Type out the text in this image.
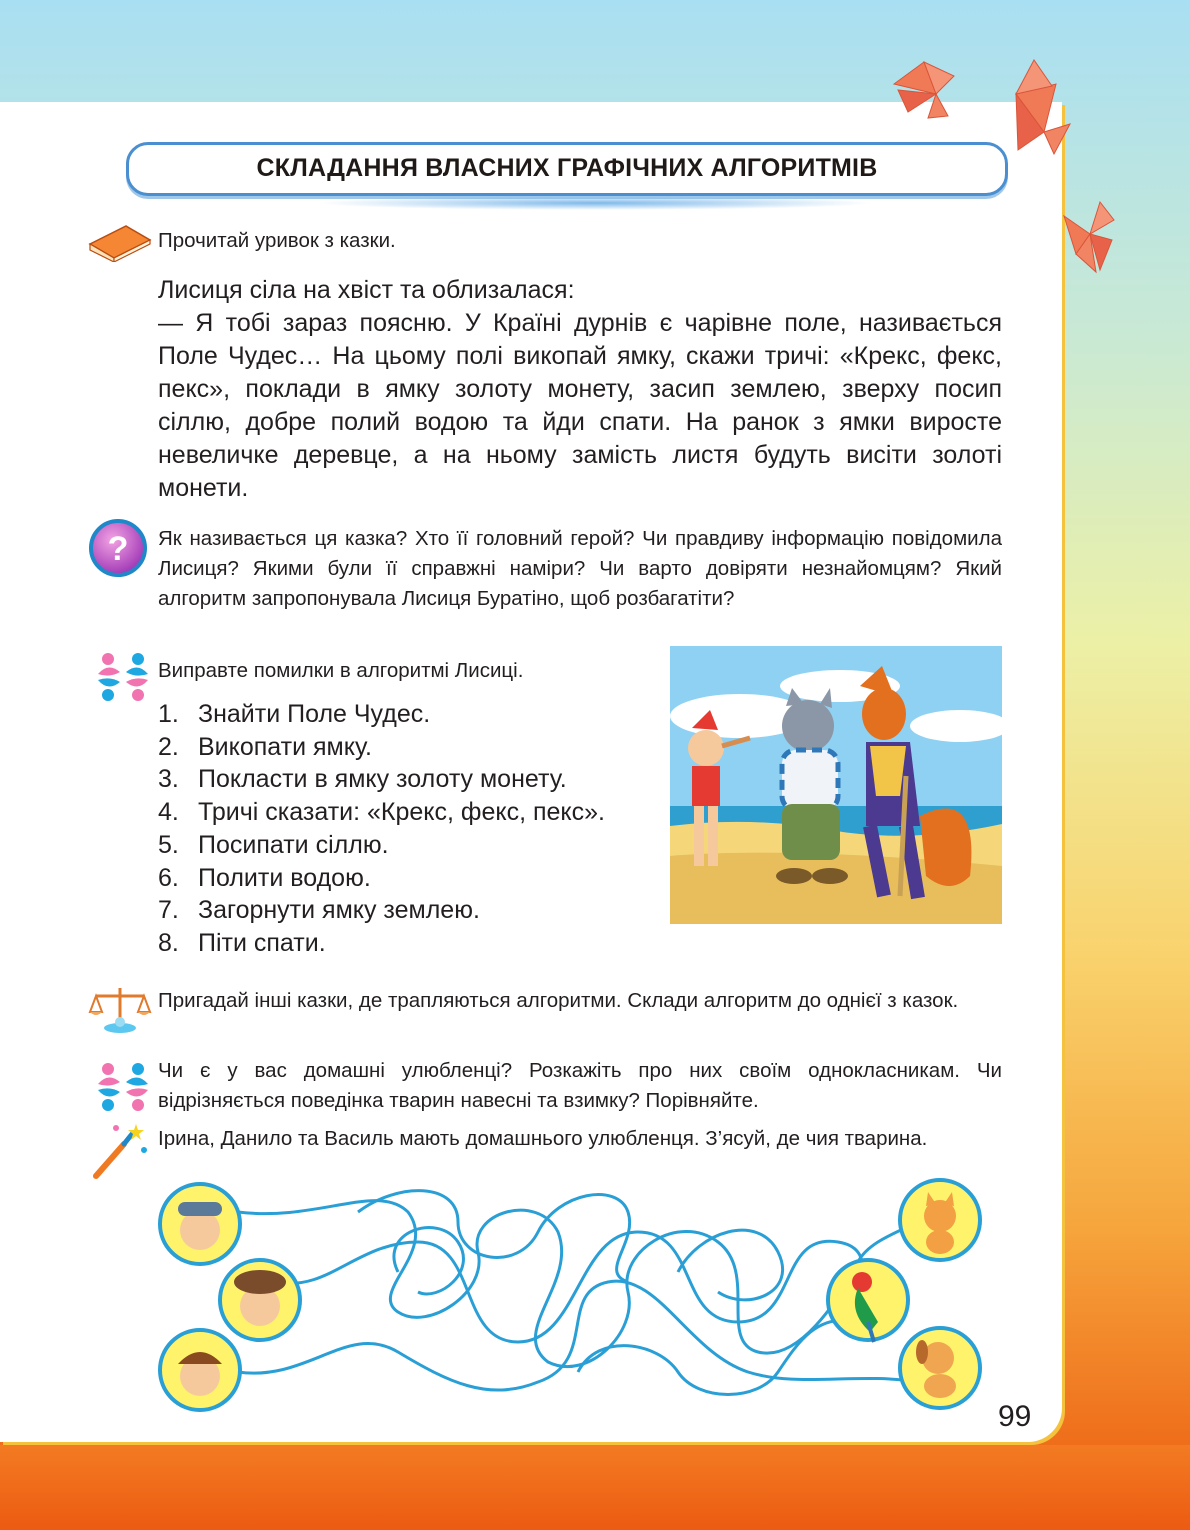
СКЛАДАННЯ ВЛАСНИХ ГРАФІЧНИХ АЛГОРИТМІВ
Прочитай уривок з казки.

Лисиця сіла на хвіст та облизалася:

— Я тобі зараз поясню. У Країні дурнів є чарівне поле, називається Поле Чудес… На цьому полі викопай ямку, скажи тричі: «Крекс, фекс, пекс», поклади в ямку золоту монету, засип землею, зверху посип сіллю, добре полий водою та йди спати. На ранок з ямки виросте невеличке деревце, а на ньому замість листя будуть висіти золоті монети.

? Як називається ця казка? Хто її головний герой? Чи правдиву інформацію повідомила Лисиця? Якими були її справжні наміри? Чи варто довіряти незнайомцям? Який алгоритм запропонувала Лисиця Буратіно, щоб розбагатіти?
Виправте помилки в алгоритмі Лисиці.
1. Знайти Поле Чудес.
2. Викопати ямку.
3. Покласти в ямку золоту монету.
4. Тричі сказати: «Крекс, фекс, пекс».
5. Посипати сіллю.
6. Полити водою.
7. Загорнути ямку землею.
8. Піти спати.
Пригадай інші казки, де трапляються алгоритми. Склади алгоритм до однієї з казок.
Чи є у вас домашні улюбленці? Розкажіть про них своїм однокласникам. Чи відрізняється поведінка тварин навесні та взимку? Порівняйте.
Ірина, Данило та Василь мають домашнього улюбленця. З’ясуй, де чия тварина.
99
